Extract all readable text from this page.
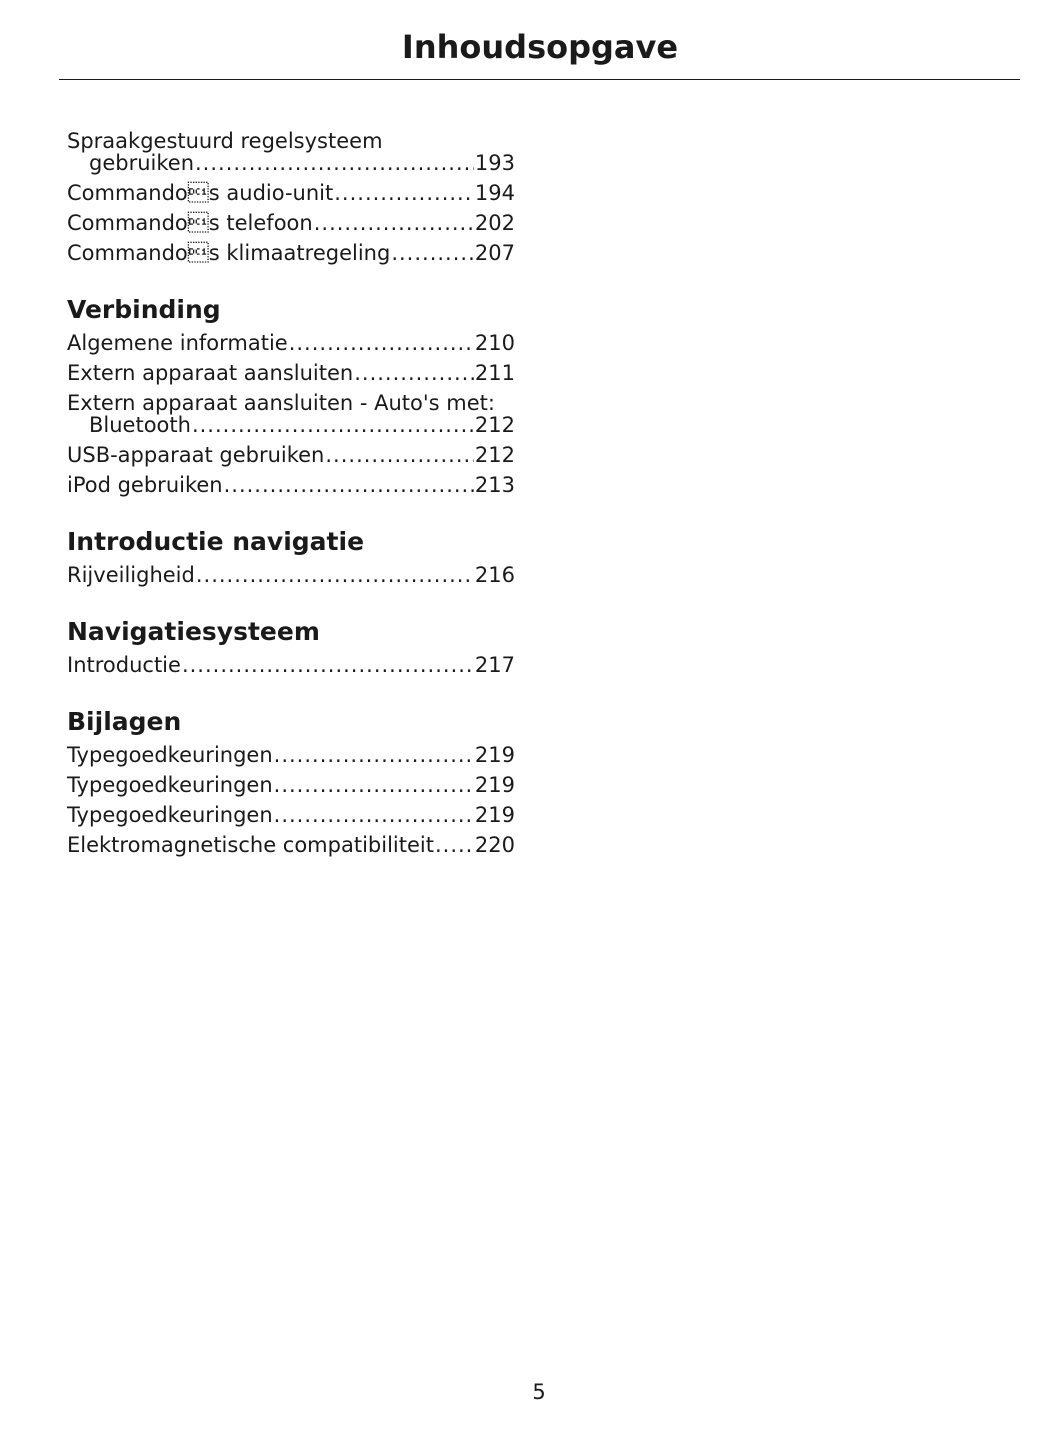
Inhoudsopgave
Spraakgestuurd regelsysteem
gebruiken .....	193
Commandos audio-unit .....	194
Commandos telefoon .....	202
Commandos klimaatregeling .....	207
Verbinding
Algemene informatie .....	210
Extern apparaat aansluiten .....	211
Extern apparaat aansluiten - Auto's met:
Bluetooth .....	212
USB-apparaat gebruiken .....	212
iPod gebruiken .....	213
Introductie navigatie
Rijveiligheid .....	216
Navigatiesysteem
Introductie .....	217
Bijlagen
Typegoedkeuringen .....	219
Typegoedkeuringen .....	219
Typegoedkeuringen .....	219
Elektromagnetische compatibiliteit ..... 220
5
